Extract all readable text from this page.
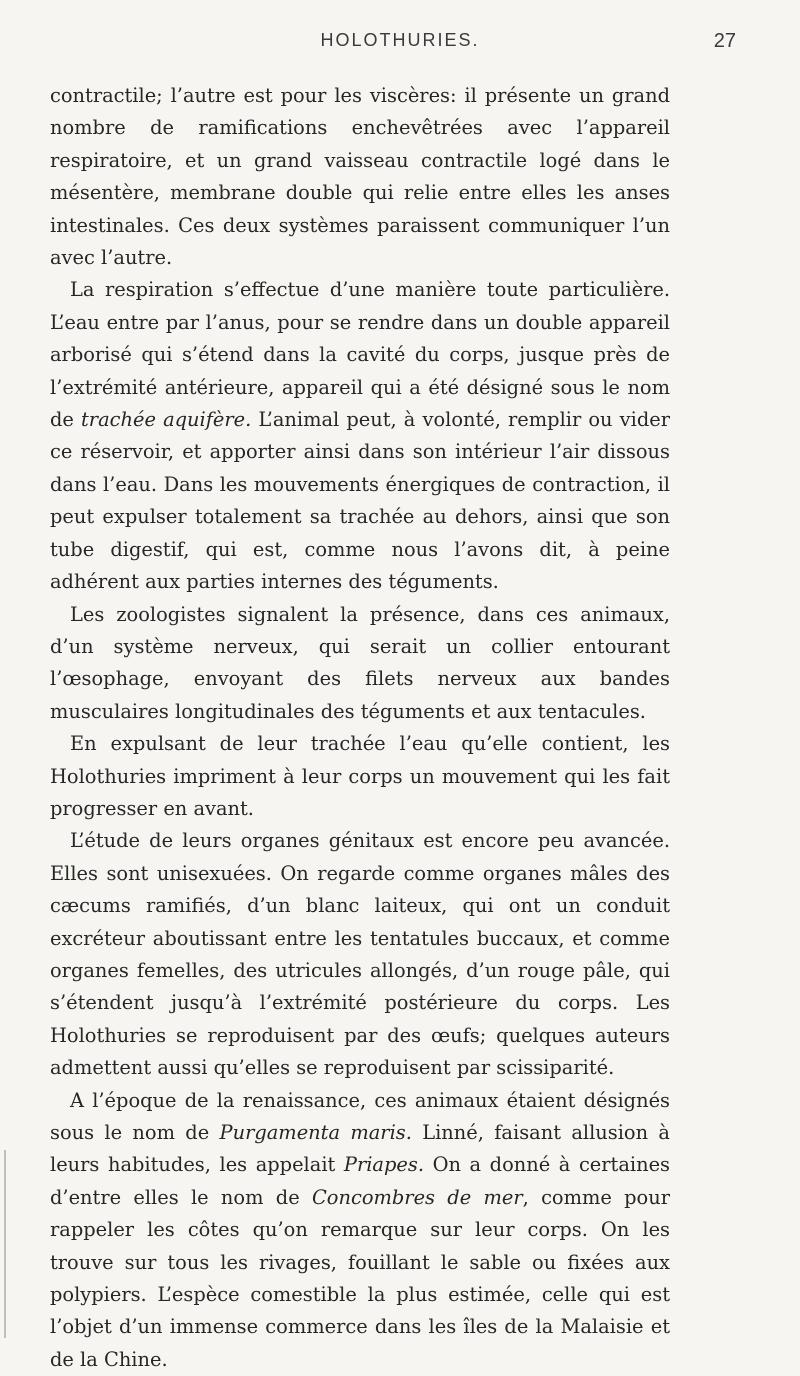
HOLOTHURIES.	27

contractile; l’autre est pour les viscères: il présente un grand nombre de ramifications enchevêtrées avec l’appareil respiratoire, et un grand vaisseau contractile logé dans le mésentère, membrane double qui relie entre elles les anses intestinales. Ces deux systèmes paraissent communiquer l’un avec l’autre.

La respiration s’effectue d’une manière toute particulière. L’eau entre par l’anus, pour se rendre dans un double appareil arborisé qui s’étend dans la cavité du corps, jusque près de l’extrémité antérieure, appareil qui a été désigné sous le nom de trachée aquifère. L’animal peut, à volonté, remplir ou vider ce réservoir, et apporter ainsi dans son intérieur l’air dissous dans l’eau. Dans les mouvements énergiques de contraction, il peut expulser totalement sa trachée au dehors, ainsi que son tube digestif, qui est, comme nous l’avons dit, à peine adhérent aux parties internes des téguments.

Les zoologistes signalent la présence, dans ces animaux, d’un système nerveux, qui serait un collier entourant l’œsophage, envoyant des filets nerveux aux bandes musculaires longitudinales des téguments et aux tentacules.

En expulsant de leur trachée l’eau qu’elle contient, les Holothuries impriment à leur corps un mouvement qui les fait progresser en avant.

L’étude de leurs organes génitaux est encore peu avancée. Elles sont unisexuées. On regarde comme organes mâles des cæcums ramifiés, d’un blanc laiteux, qui ont un conduit excréteur aboutissant entre les tentatules buccaux, et comme organes femelles, des utricules allongés, d’un rouge pâle, qui s’étendent jusqu’à l’extrémité postérieure du corps. Les Holothuries se reproduisent par des œufs; quelques auteurs admettent aussi qu’elles se reproduisent par scissiparité.

A l’époque de la renaissance, ces animaux étaient désignés sous le nom de Purgamenta maris. Linné, faisant allusion à leurs habitudes, les appelait Priapes. On a donné à certaines d’entre elles le nom de Concombres de mer, comme pour rappeler les côtes qu’on remarque sur leur corps. On les trouve sur tous les rivages, fouillant le sable ou fixées aux polypiers. L’espèce comestible la plus estimée, celle qui est l’objet d’un immense commerce dans les îles de la Malaisie et de la Chine.
